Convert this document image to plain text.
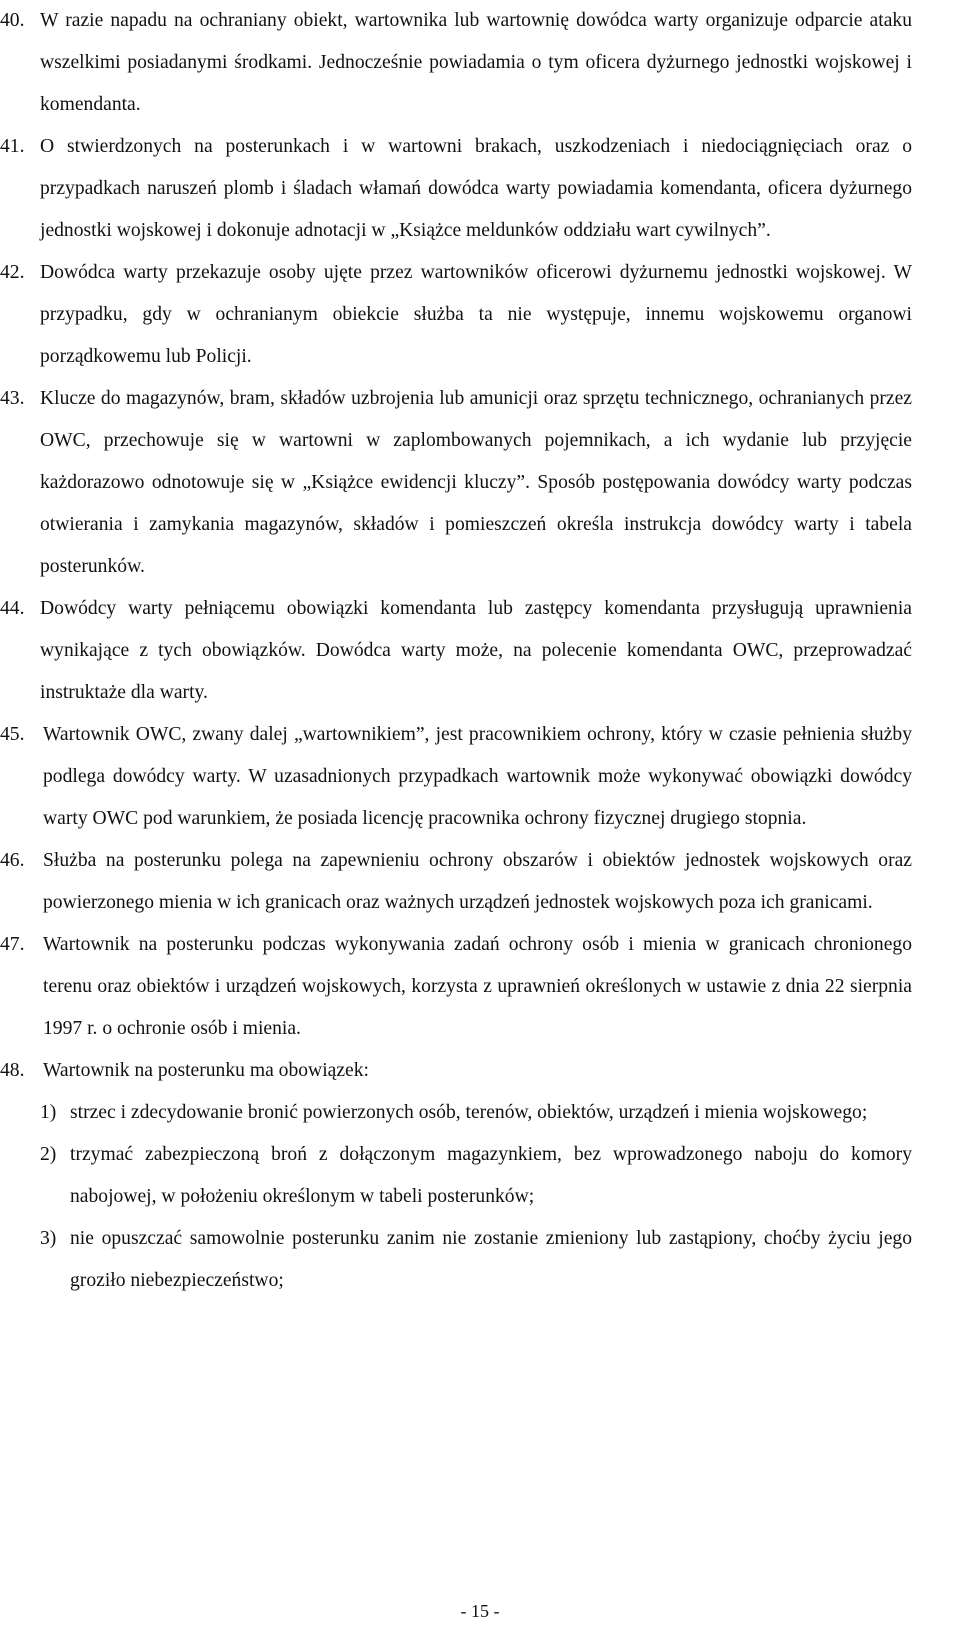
40. W razie napadu na ochraniany obiekt, wartownika lub wartownię dowódca warty organizuje odparcie ataku wszelkimi posiadanymi środkami. Jednocześnie powiadamia o tym oficera dyżurnego jednostki wojskowej i komendanta.
41. O stwierdzonych na posterunkach i w wartowni brakach, uszkodzeniach i niedociągnięciach oraz o przypadkach naruszeń plomb i śladach włamań dowódca warty powiadamia komendanta, oficera dyżurnego jednostki wojskowej i dokonuje adnotacji w „Książce meldunków oddziału wart cywilnych”.
42. Dowódca warty przekazuje osoby ujęte przez wartowników oficerowi dyżurnemu jednostki wojskowej. W przypadku, gdy w ochranianym obiekcie służba ta nie występuje, innemu wojskowemu organowi porządkowemu lub Policji.
43. Klucze do magazynów, bram, składów uzbrojenia lub amunicji oraz sprzętu technicznego, ochranianych przez OWC, przechowuje się w wartowni w zaplombowanych pojemnikach, a ich wydanie lub przyjęcie każdorazowo odnotowuje się w „Książce ewidencji kluczy”. Sposób postępowania dowódcy warty podczas otwierania i zamykania magazynów, składów i pomieszczeń określa instrukcja dowódcy warty i tabela posterunków.
44. Dowódcy warty pełniącemu obowiązki komendanta lub zastępcy komendanta przysługują uprawnienia wynikające z tych obowiązków. Dowódca warty może, na polecenie komendanta OWC, przeprowadzać instruktaże dla warty.
45. Wartownik OWC, zwany dalej „wartownikiem”, jest pracownikiem ochrony, który w czasie pełnienia służby podlega dowódcy warty. W uzasadnionych przypadkach wartownik może wykonywać obowiązki dowódcy warty OWC pod warunkiem, że posiada licencję pracownika ochrony fizycznej drugiego stopnia.
46. Służba na posterunku polega na zapewnieniu ochrony obszarów i obiektów jednostek wojskowych oraz powierzonego mienia w ich granicach oraz ważnych urządzeń jednostek wojskowych poza ich granicami.
47. Wartownik na posterunku podczas wykonywania zadań ochrony osób i mienia w granicach chronionego terenu oraz obiektów i urządzeń wojskowych, korzysta z uprawnień określonych w ustawie z dnia 22 sierpnia 1997 r. o ochronie osób i mienia.
48. Wartownik na posterunku ma obowiązek:
1) strzec i zdecydowanie bronić powierzonych osób, terenów, obiektów, urządzeń i mienia wojskowego;
2) trzymać zabezpieczoną broń z dołączonym magazynkiem, bez wprowadzonego naboju do komory nabojowej, w położeniu określonym w tabeli posterunków;
3) nie opuszczać samowolnie posterunku zanim nie zostanie zmieniony lub zastąpiony, choćby życiu jego groziło niebezpieczeństwo;
- 15 -
